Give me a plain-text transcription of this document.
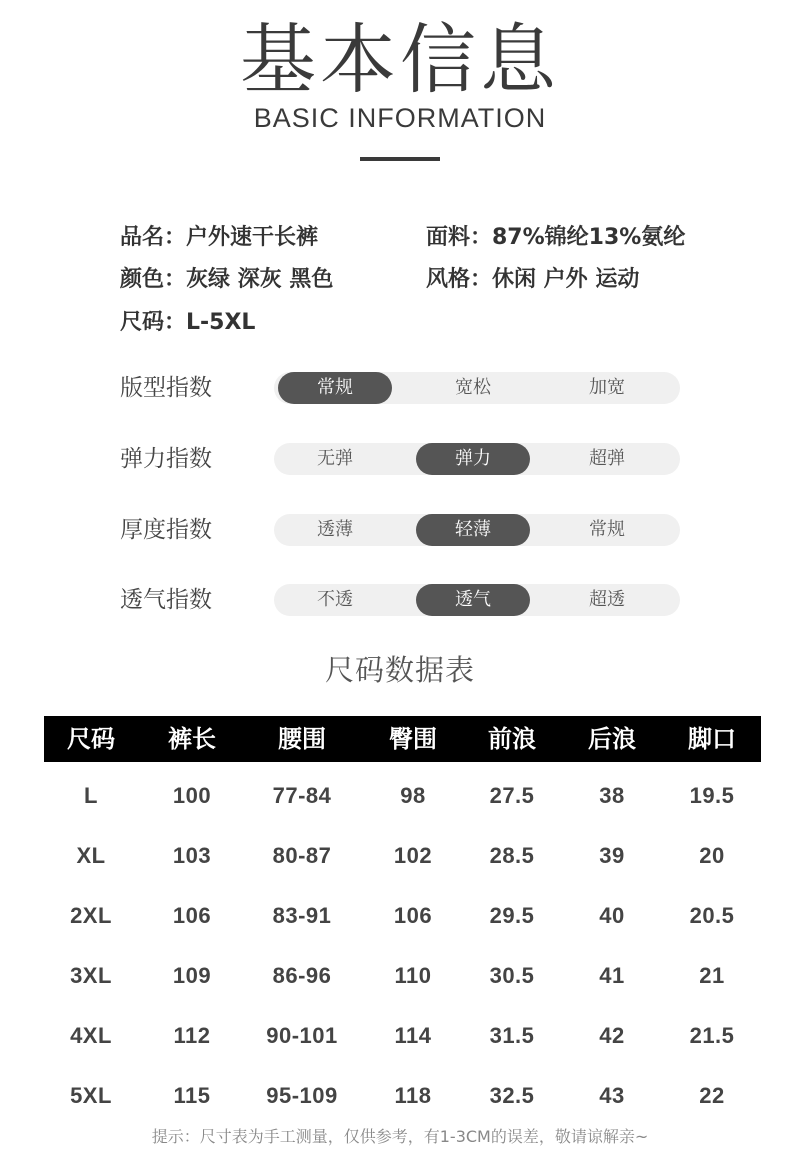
基本信息
BASIC INFORMATION
品名：户外速干长裤	面料：87%锦纶13%氨纶
颜色：灰绿 深灰 黑色	风格：休闲 户外 运动
尺码：L-5XL
版型指数	常规	宽松	加宽
弹力指数	无弹	弹力	超弹
厚度指数	透薄	轻薄	常规
透气指数	不透	透气	超透
尺码数据表
尺码	裤长	腰围	臀围	前浪	后浪	脚口
L	100	77-84	98	27.5	38	19.5
XL	103	80-87	102	28.5	39	20
2XL	106	83-91	106	29.5	40	20.5
3XL	109	86-96	110	30.5	41	21
4XL	112	90-101	114	31.5	42	21.5
5XL	115	95-109	118	32.5	43	22
提示：尺寸表为手工测量，仅供参考，有1-3CM的误差，敬请谅解亲~
